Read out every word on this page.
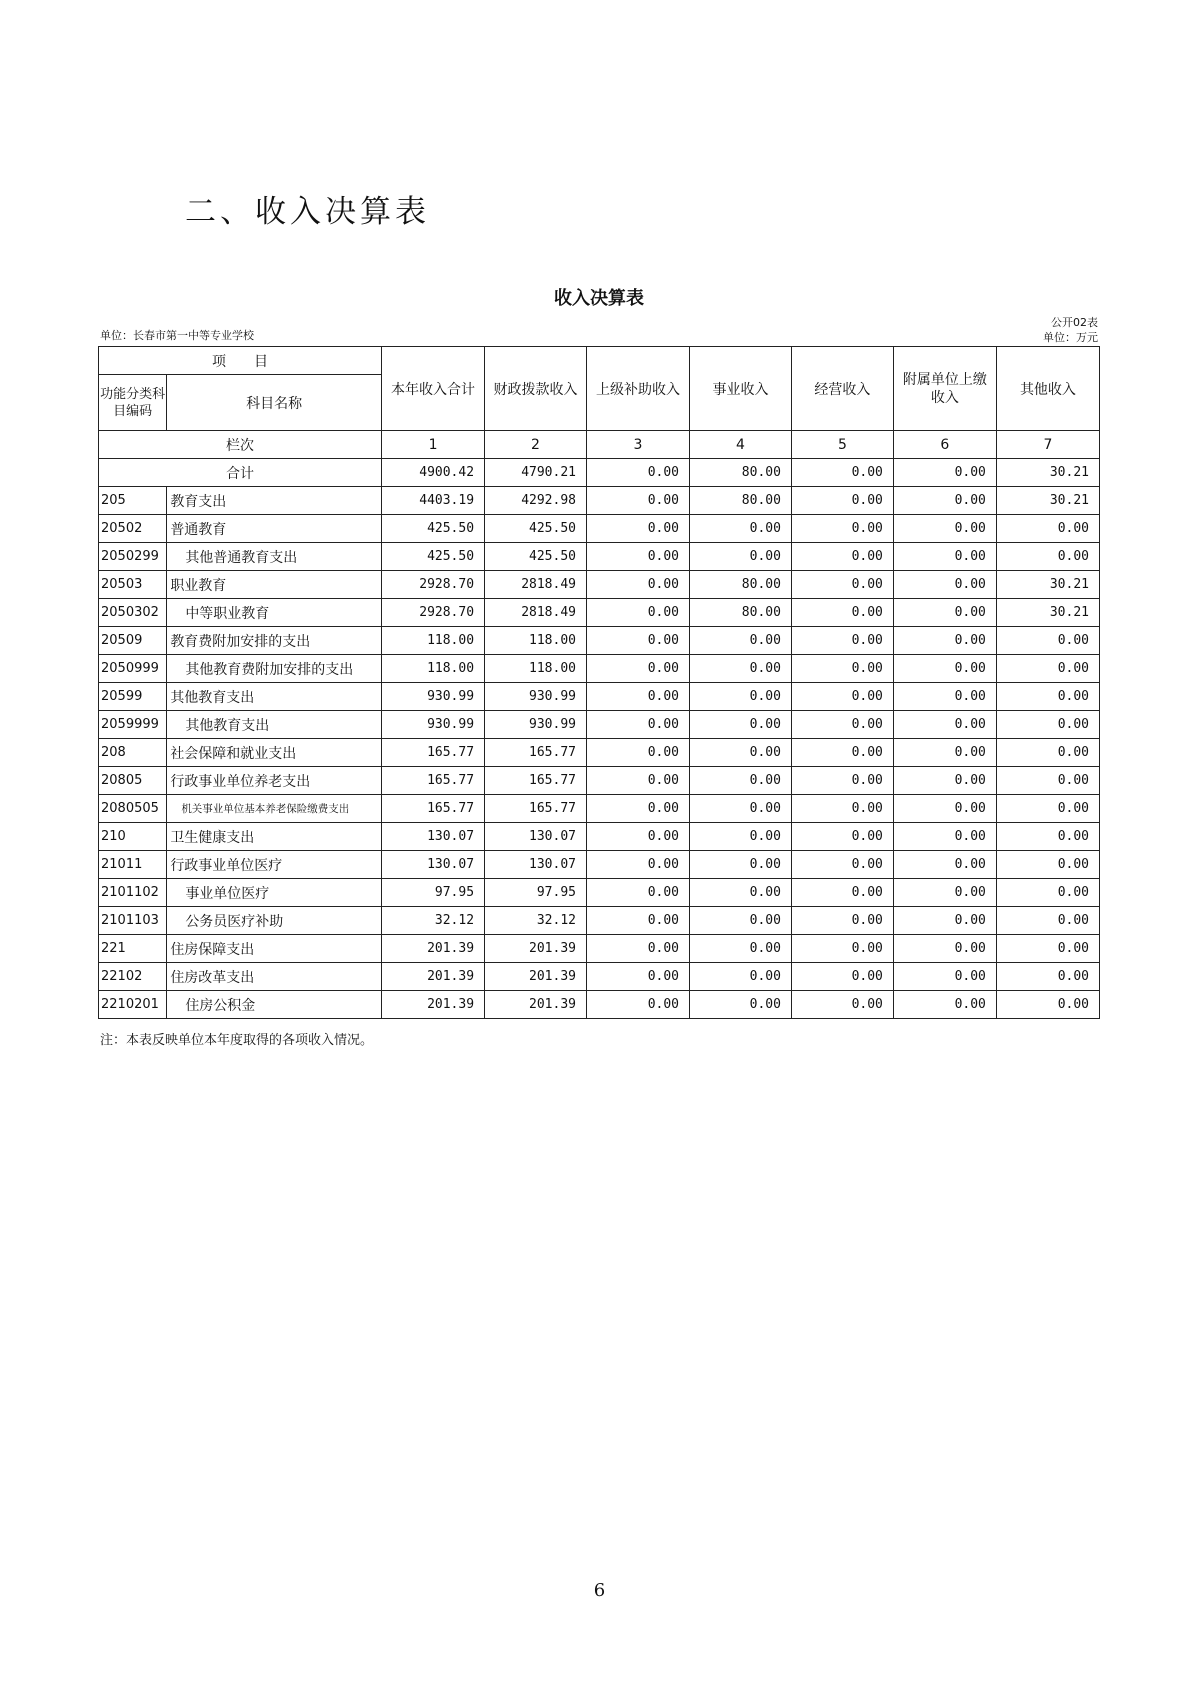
二、收入决算表
收入决算表
单位：长春市第一中等专业学校
公开02表
单位：万元
项　　目		本年收入合计	财政拨款收入	上级补助收入	事业收入	经营收入	附属单位上缴收入	其他收入
功能分类科目编码	科目名称							
栏次		1	2	3	4	5	6	7
合计		4900.42	4790.21	0.00	80.00	0.00	0.00	30.21
205	教育支出	4403.19	4292.98	0.00	80.00	0.00	0.00	30.21
20502	普通教育	425.50	425.50	0.00	0.00	0.00	0.00	0.00
2050299	其他普通教育支出	425.50	425.50	0.00	0.00	0.00	0.00	0.00
20503	职业教育	2928.70	2818.49	0.00	80.00	0.00	0.00	30.21
2050302	中等职业教育	2928.70	2818.49	0.00	80.00	0.00	0.00	30.21
20509	教育费附加安排的支出	118.00	118.00	0.00	0.00	0.00	0.00	0.00
2050999	其他教育费附加安排的支出	118.00	118.00	0.00	0.00	0.00	0.00	0.00
20599	其他教育支出	930.99	930.99	0.00	0.00	0.00	0.00	0.00
2059999	其他教育支出	930.99	930.99	0.00	0.00	0.00	0.00	0.00
208	社会保障和就业支出	165.77	165.77	0.00	0.00	0.00	0.00	0.00
20805	行政事业单位养老支出	165.77	165.77	0.00	0.00	0.00	0.00	0.00
2080505	机关事业单位基本养老保险缴费支出	165.77	165.77	0.00	0.00	0.00	0.00	0.00
210	卫生健康支出	130.07	130.07	0.00	0.00	0.00	0.00	0.00
21011	行政事业单位医疗	130.07	130.07	0.00	0.00	0.00	0.00	0.00
2101102	事业单位医疗	97.95	97.95	0.00	0.00	0.00	0.00	0.00
2101103	公务员医疗补助	32.12	32.12	0.00	0.00	0.00	0.00	0.00
221	住房保障支出	201.39	201.39	0.00	0.00	0.00	0.00	0.00
22102	住房改革支出	201.39	201.39	0.00	0.00	0.00	0.00	0.00
2210201	住房公积金	201.39	201.39	0.00	0.00	0.00	0.00	0.00
注：本表反映单位本年度取得的各项收入情况。
6
